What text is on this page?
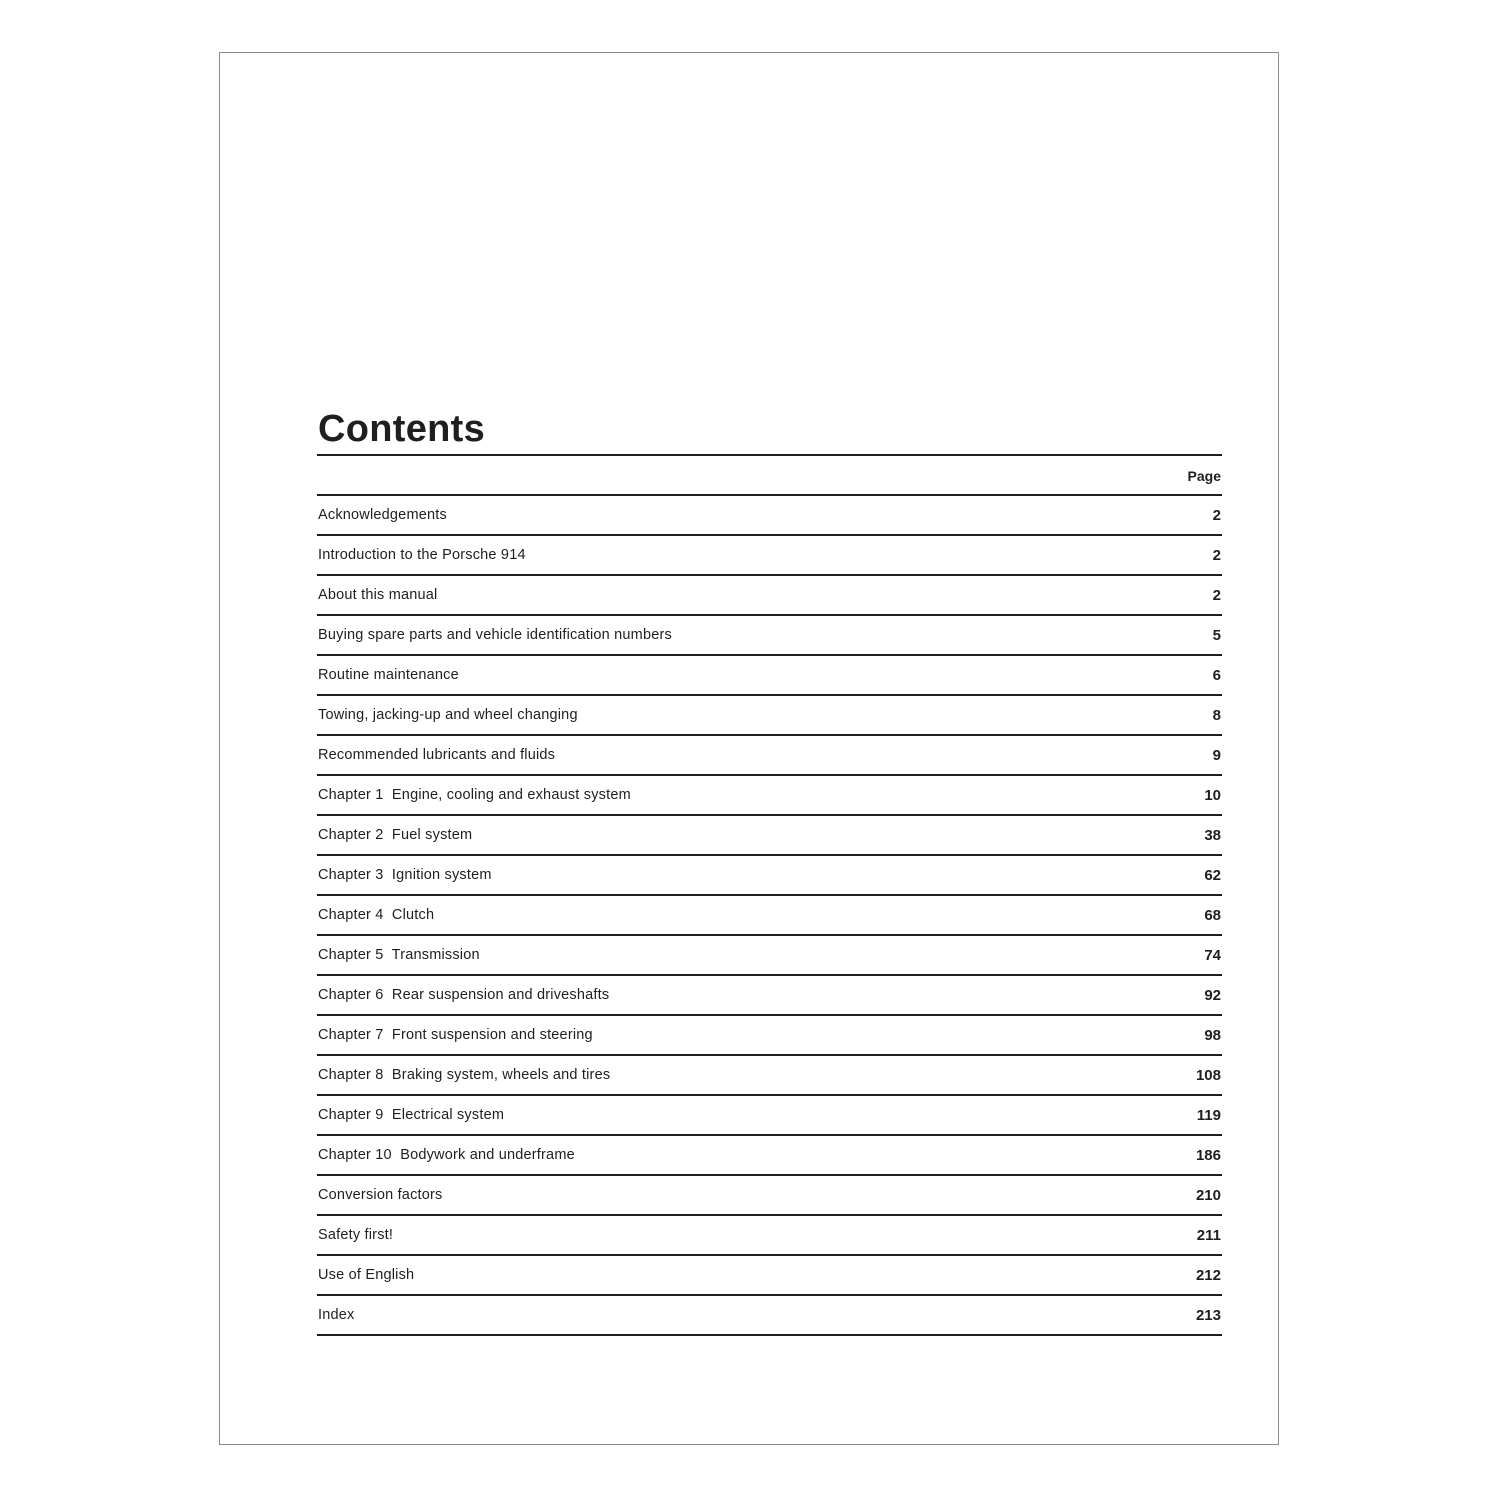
Contents
Page
Acknowledgements	2
Introduction to the Porsche 914	2
About this manual	2
Buying spare parts and vehicle identification numbers	5
Routine maintenance	6
Towing, jacking-up and wheel changing	8
Recommended lubricants and fluids	9
Chapter 1  Engine, cooling and exhaust system	10
Chapter 2  Fuel system	38
Chapter 3  Ignition system	62
Chapter 4  Clutch	68
Chapter 5  Transmission	74
Chapter 6  Rear suspension and driveshafts	92
Chapter 7  Front suspension and steering	98
Chapter 8  Braking system, wheels and tires	108
Chapter 9  Electrical system	119
Chapter 10  Bodywork and underframe	186
Conversion factors	210
Safety first!	211
Use of English	212
Index	213
